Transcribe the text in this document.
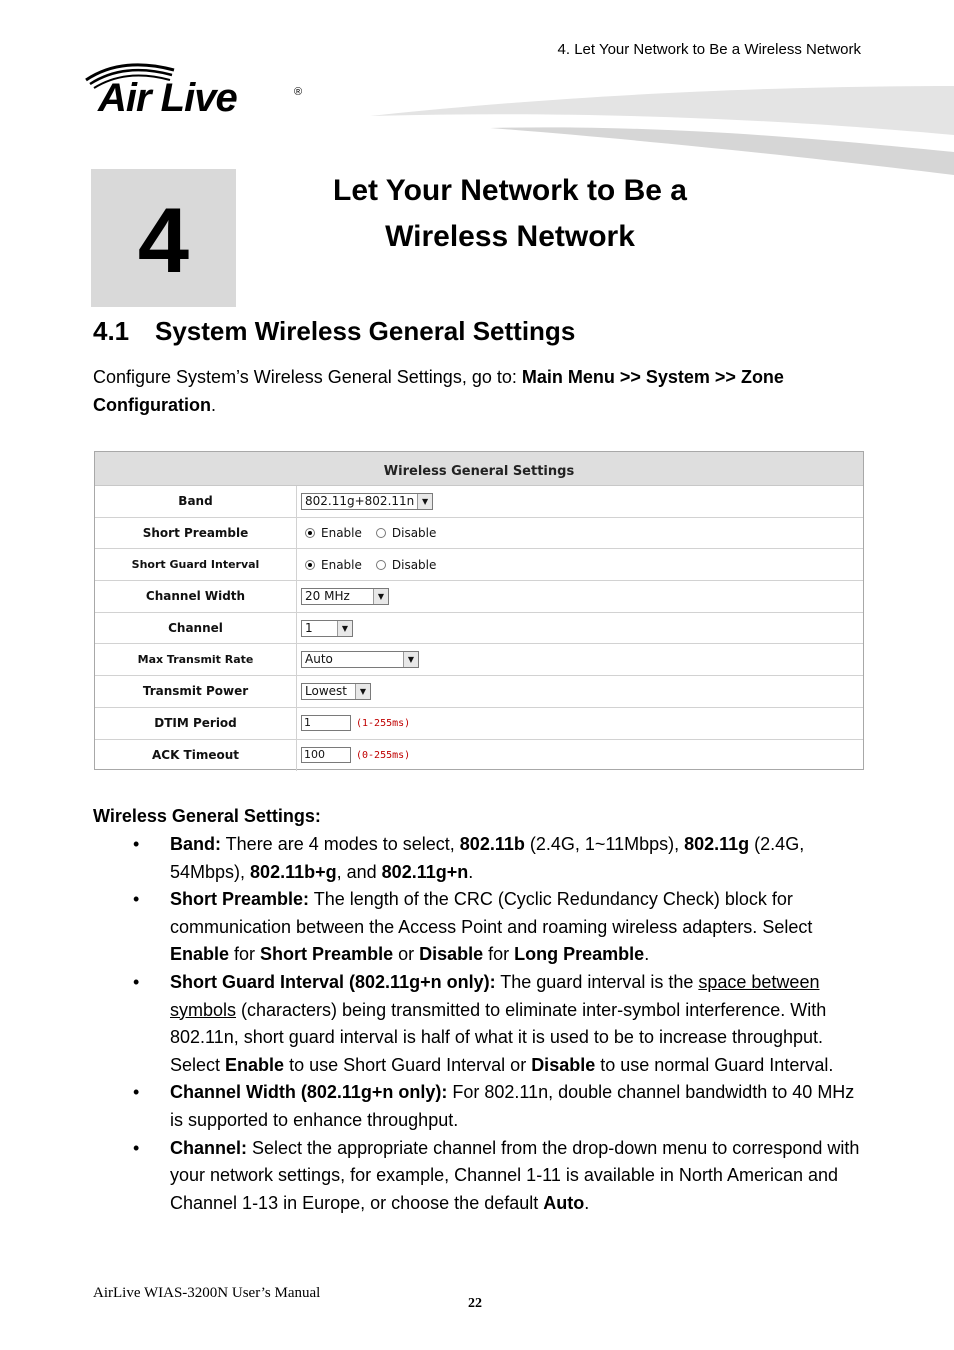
4. Let Your Network to Be a Wireless Network
Air Live	®
4	Let Your Network to Be a
Wireless Network
4.1 System Wireless General Settings
Configure System’s Wireless General Settings, go to: Main Menu >> System >> Zone Configuration.
Wireless General Settings
Band	802.11g+802.11n ▼
Short Preamble	Enable	Disable
Short Guard Interval	Enable	Disable
Channel Width	20 MHz	▼
Channel	1	▼
Max Transmit Rate	Auto	▼
Transmit Power	Lowest	▼
DTIM Period	1	(1-255ms)
ACK Timeout	100	(0-255ms)
Wireless General Settings:
• Band: There are 4 modes to select, 802.11b (2.4G, 1~11Mbps), 802.11g (2.4G, 54Mbps), 802.11b+g, and 802.11g+n.
• Short Preamble: The length of the CRC (Cyclic Redundancy Check) block for communication between the Access Point and roaming wireless adapters. Select Enable for Short Preamble or Disable for Long Preamble.
• Short Guard Interval (802.11g+n only): The guard interval is the space between symbols (characters) being transmitted to eliminate inter-symbol interference. With 802.11n, short guard interval is half of what it is used to be to increase throughput. Select Enable to use Short Guard Interval or Disable to use normal Guard Interval.
• Channel Width (802.11g+n only): For 802.11n, double channel bandwidth to 40 MHz is supported to enhance throughput.
• Channel: Select the appropriate channel from the drop-down menu to correspond with your network settings, for example, Channel 1-11 is available in North American and Channel 1-13 in Europe, or choose the default Auto.
AirLive WIAS-3200N User’s Manual
22
